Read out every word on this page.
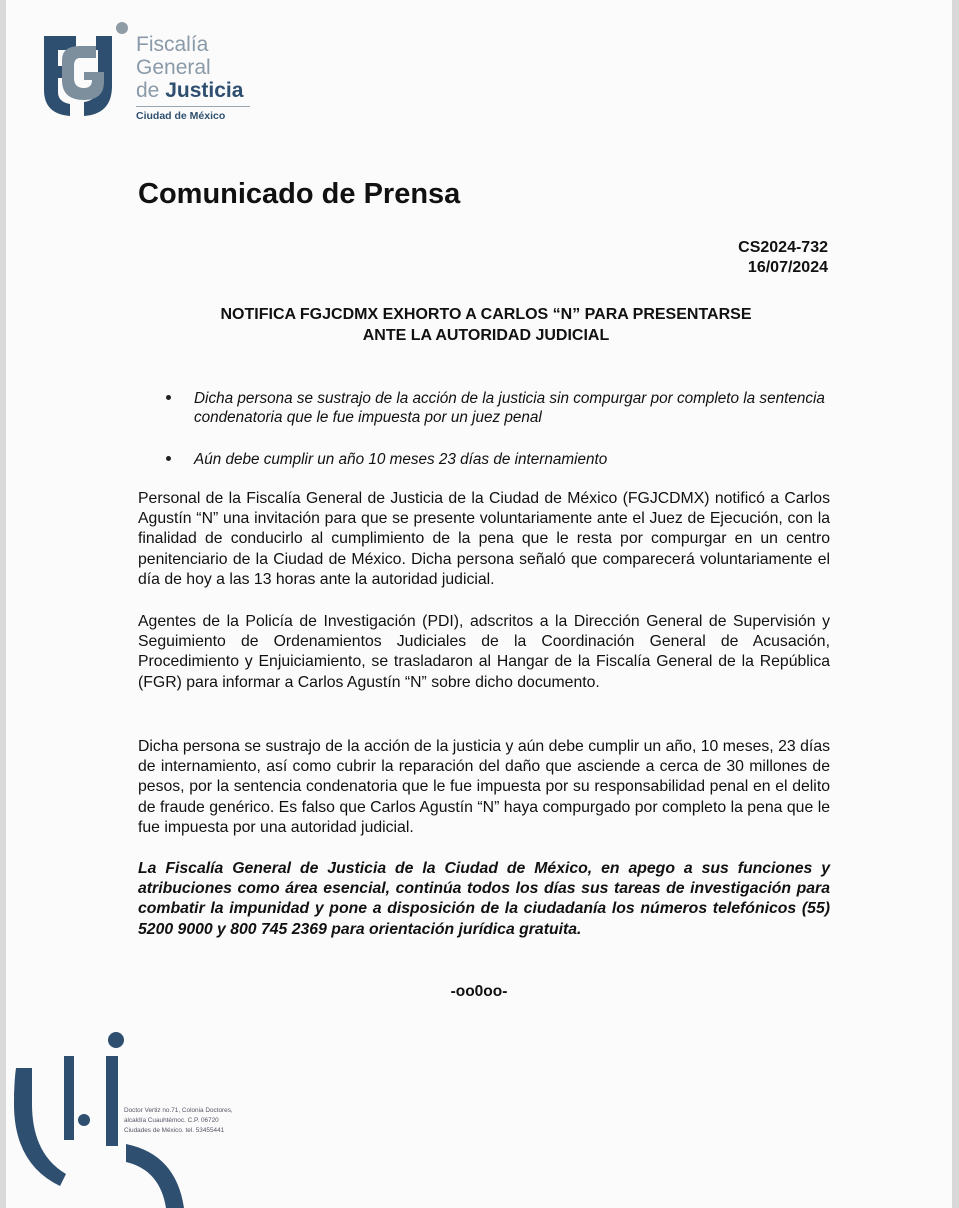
Fiscalía
General
de Justicia
Ciudad de México
Comunicado de Prensa
CS2024-732
16/07/2024
NOTIFICA FGJCDMX EXHORTO A CARLOS “N” PARA PRESENTARSE
ANTE LA AUTORIDAD JUDICIAL
Dicha persona se sustrajo de la acción de la justicia sin compurgar por completo la sentencia condenatoria que le fue impuesta por un juez penal
Aún debe cumplir un año 10 meses 23 días de internamiento

Personal de la Fiscalía General de Justicia de la Ciudad de México (FGJCDMX) notificó a Carlos Agustín “N” una invitación para que se presente voluntariamente ante el Juez de Ejecución, con la finalidad de conducirlo al cumplimiento de la pena que le resta por compurgar en un centro penitenciario de la Ciudad de México. Dicha persona señaló que comparecerá voluntariamente el día de hoy a las 13 horas ante la autoridad judicial.

Agentes de la Policía de Investigación (PDI), adscritos a la Dirección General de Supervisión y Seguimiento de Ordenamientos Judiciales de la Coordinación General de Acusación, Procedimiento y Enjuiciamiento, se trasladaron al Hangar de la Fiscalía General de la República (FGR) para informar a Carlos Agustín “N” sobre dicho documento.

Dicha persona se sustrajo de la acción de la justicia y aún debe cumplir un año, 10 meses, 23 días de internamiento, así como cubrir la reparación del daño que asciende a cerca de 30 millones de pesos, por la sentencia condenatoria que le fue impuesta por su responsabilidad penal en el delito de fraude genérico. Es falso que Carlos Agustín “N” haya compurgado por completo la pena que le fue impuesta por una autoridad judicial.

La Fiscalía General de Justicia de la Ciudad de México, en apego a sus funciones y atribuciones como área esencial, continúa todos los días sus tareas de investigación para combatir la impunidad y pone a disposición de la ciudadanía los números telefónicos (55) 5200 9000 y 800 745 2369 para orientación jurídica gratuita.

-oo0oo-
Doctor Vertiz no.71, Colonia Doctores,
alcaldía Cuauhtémoc. C.P. 06720
Ciudades de México. tel. 53455441
